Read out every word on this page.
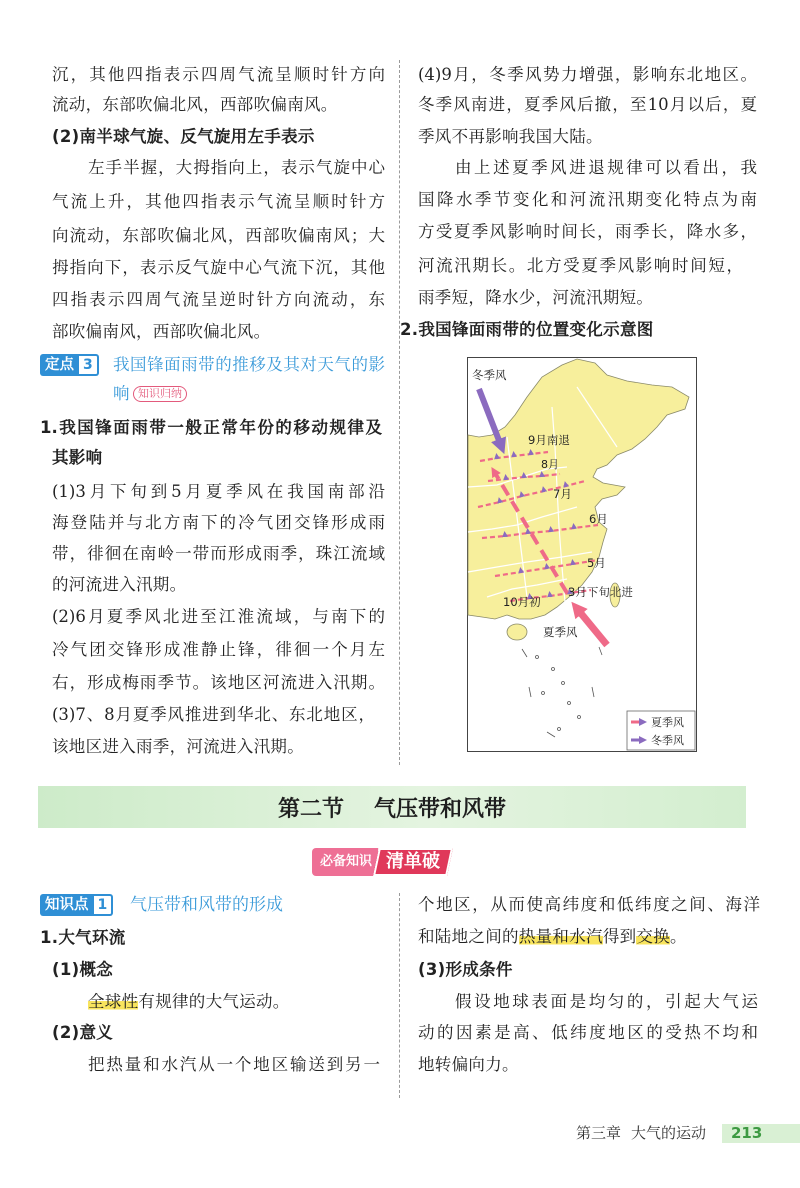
沉，其他四指表示四周气流呈顺时针方向
流动，东部吹偏北风，西部吹偏南风。
(2)南半球气旋、反气旋用左手表示
左手半握，大拇指向上，表示气旋中心
气流上升，其他四指表示气流呈顺时针方
向流动，东部吹偏北风，西部吹偏南风；大
拇指向下，表示反气旋中心气流下沉，其他
四指表示四周气流呈逆时针方向流动，东
部吹偏南风，西部吹偏北风。
定点 3	我国锋面雨带的推移及其对天气的影
响 知识归纳
1.我国锋面雨带一般正常年份的移动规律及
其影响
(1)3月下旬到5月夏季风在我国南部沿
海登陆并与北方南下的冷气团交锋形成雨
带，徘徊在南岭一带而形成雨季，珠江流域
的河流进入汛期。
(2)6月夏季风北进至江淮流域，与南下的
冷气团交锋形成准静止锋，徘徊一个月左
右，形成梅雨季节。该地区河流进入汛期。
(3)7、8月夏季风推进到华北、东北地区，
该地区进入雨季，河流进入汛期。
(4)9月，冬季风势力增强，影响东北地区。
冬季风南进，夏季风后撤，至10月以后，夏
季风不再影响我国大陆。
由上述夏季风进退规律可以看出，我
国降水季节变化和河流汛期变化特点为南
方受夏季风影响时间长，雨季长，降水多，
河流汛期长。北方受夏季风影响时间短，
雨季短，降水少，河流汛期短。
2.我国锋面雨带的位置变化示意图
冬季风
9月南退
8月
7月
6月
5月
10月初
3月下旬北进
夏季风
夏季风
冬季风
第二节 气压带和风带
必备知识 清单破
知识点 1	气压带和风带的形成
1.大气环流
(1)概念
全球性有规律的大气运动。
(2)意义
把热量和水汽从一个地区输送到另一
个地区，从而使高纬度和低纬度之间、海洋
和陆地之间的热量和水汽得到交换。
(3)形成条件
假设地球表面是均匀的，引起大气运
动的因素是高、低纬度地区的受热不均和
地转偏向力。
第三章 大气的运动 213
